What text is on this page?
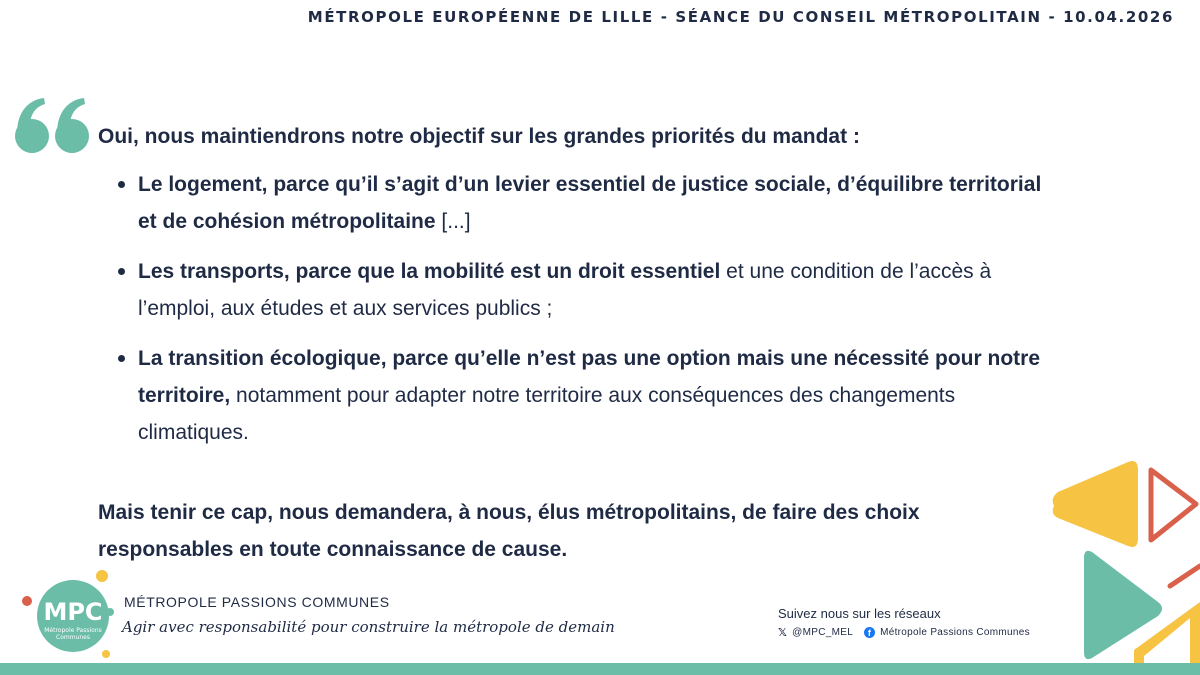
MÉTROPOLE EUROPÉENNE DE LILLE - SÉANCE DU CONSEIL MÉTROPOLITAIN - 10.04.2026

Oui, nous maintiendrons notre objectif sur les grandes priorités du mandat :

Le logement, parce qu’il s’agit d’un levier essentiel de justice sociale, d’équilibre territorial et de cohésion métropolitaine [...]
Les transports, parce que la mobilité est un droit essentiel et une condition de l’accès à l’emploi, aux études et aux services publics ;
La transition écologique, parce qu’elle n’est pas une option mais une nécessité pour notre territoire, notamment pour adapter notre territoire aux conséquences des changements climatiques.

Mais tenir ce cap, nous demandera, à nous, élus métropolitains, de faire des choix responsables en toute connaissance de cause.

MPC
Métropole Passions
Communes
MÉTROPOLE PASSIONS COMMUNES
Agir avec responsabilité pour construire la métropole de demain
Suivez nous sur les réseaux
𝕏 @MPC_MEL	f Métropole Passions Communes
